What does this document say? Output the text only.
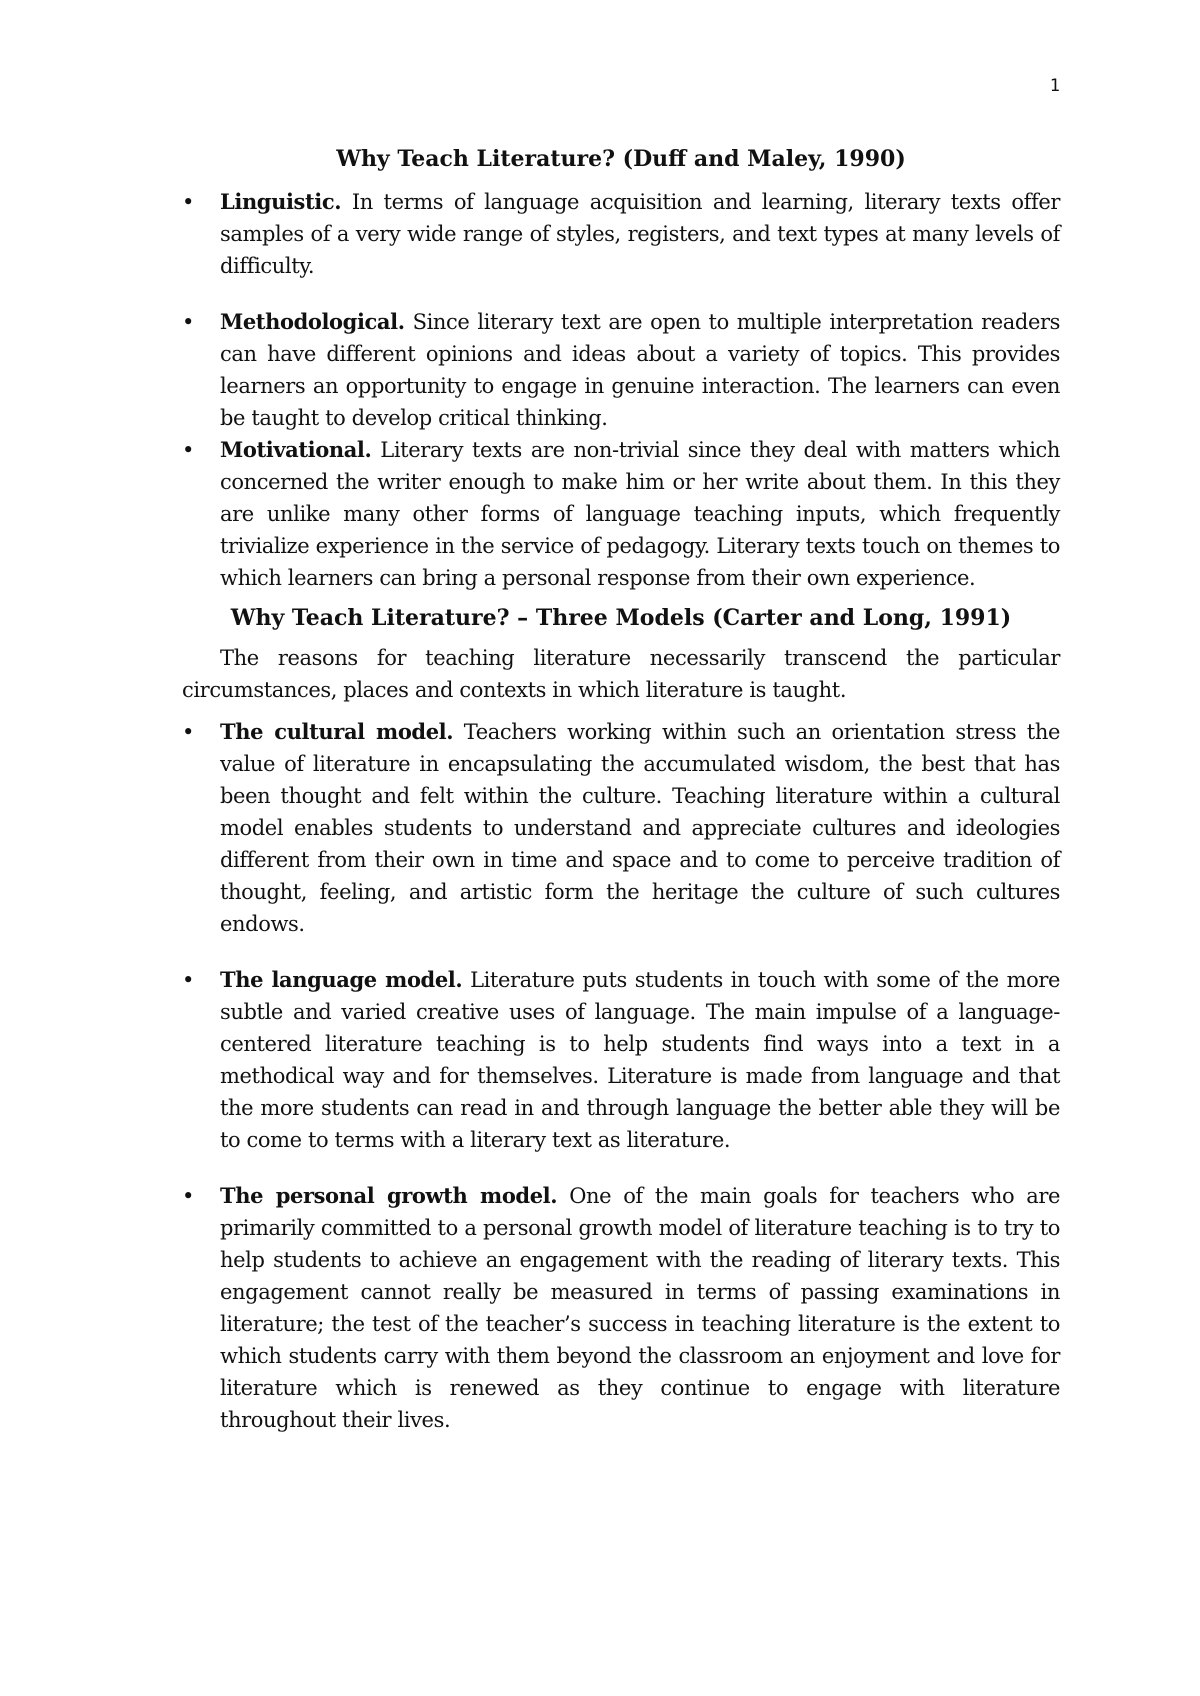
1
Why Teach Literature? (Duff and Maley, 1990)
• Linguistic. In terms of language acquisition and learning, literary texts offer samples of a very wide range of styles, registers, and text types at many levels of difficulty.
• Methodological. Since literary text are open to multiple interpretation readers can have different opinions and ideas about a variety of topics. This provides learners an opportunity to engage in genuine interaction. The learners can even be taught to develop critical thinking.
• Motivational. Literary texts are non-trivial since they deal with matters which concerned the writer enough to make him or her write about them. In this they are unlike many other forms of language teaching inputs, which frequently trivialize experience in the service of pedagogy. Literary texts touch on themes to which learners can bring a personal response from their own experience.
Why Teach Literature? – Three Models (Carter and Long, 1991)

The reasons for teaching literature necessarily transcend the particular circumstances, places and contexts in which literature is taught.

• The cultural model. Teachers working within such an orientation stress the value of literature in encapsulating the accumulated wisdom, the best that has been thought and felt within the culture. Teaching literature within a cultural model enables students to understand and appreciate cultures and ideologies different from their own in time and space and to come to perceive tradition of thought, feeling, and artistic form the heritage the culture of such cultures endows.
• The language model. Literature puts students in touch with some of the more subtle and varied creative uses of language. The main impulse of a language-centered literature teaching is to help students find ways into a text in a methodical way and for themselves. Literature is made from language and that the more students can read in and through language the better able they will be to come to terms with a literary text as literature.
• The personal growth model. One of the main goals for teachers who are primarily committed to a personal growth model of literature teaching is to try to help students to achieve an engagement with the reading of literary texts. This engagement cannot really be measured in terms of passing examinations in literature; the test of the teacher’s success in teaching literature is the extent to which students carry with them beyond the classroom an enjoyment and love for literature which is renewed as they continue to engage with literature throughout their lives.
